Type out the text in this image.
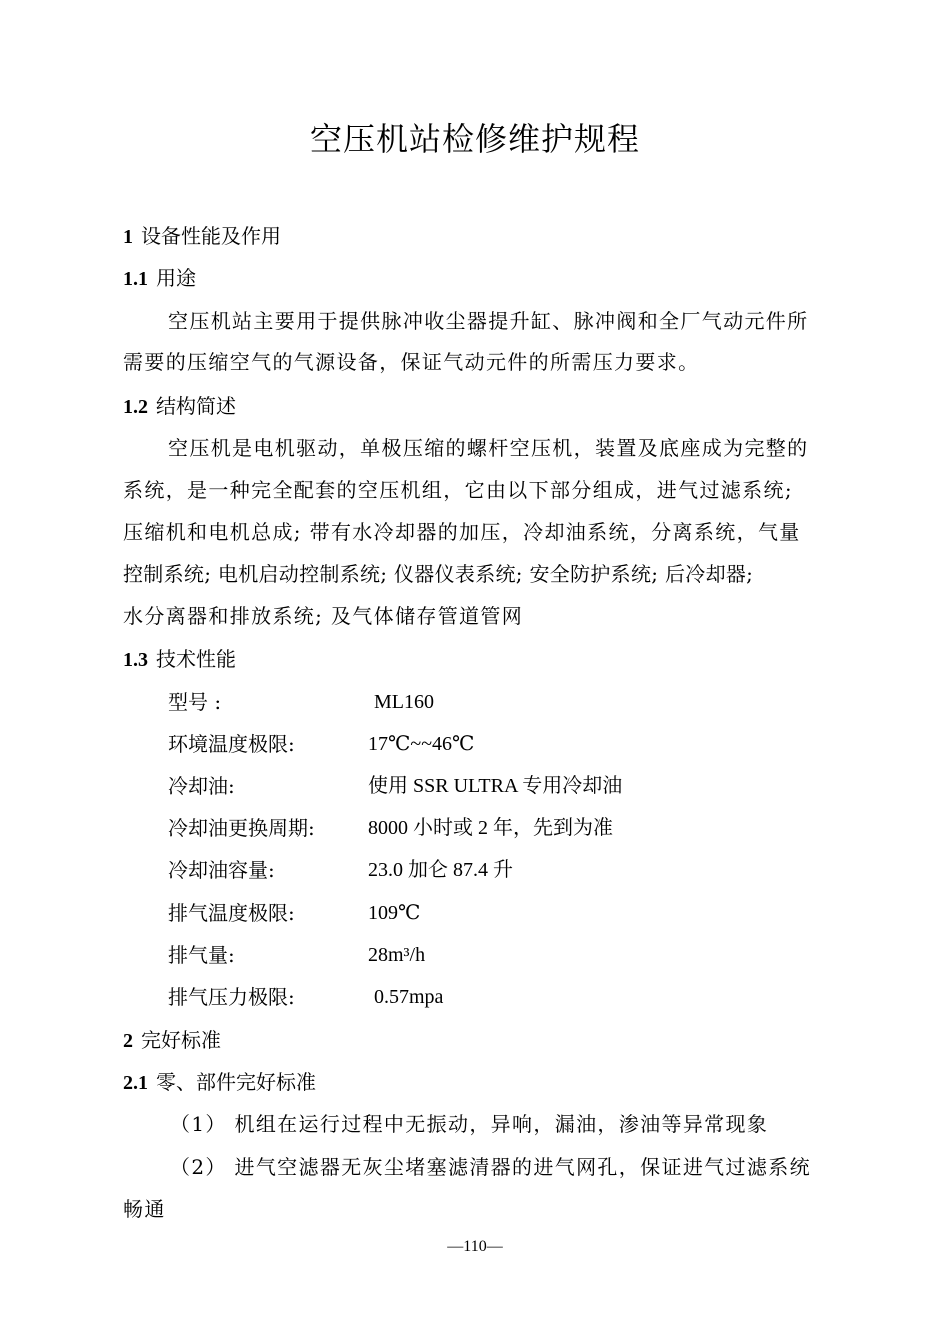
空压机站检修维护规程
1 设备性能及作用
1.1 用途
空压机站主要用于提供脉冲收尘器提升缸、脉冲阀和全厂气动元件所
需要的压缩空气的气源设备，保证气动元件的所需压力要求。
1.2 结构简述
空压机是电机驱动，单极压缩的螺杆空压机，装置及底座成为完整的
系统，是一种完全配套的空压机组，它由以下部分组成，进气过滤系统;
压缩机和电机总成; 带有水冷却器的加压，冷却油系统，分离系统，气量
控制系统; 电机启动控制系统; 仪器仪表系统; 安全防护系统; 后冷却器;
水分离器和排放系统; 及气体储存管道管网
1.3 技术性能
型号 :	ML160
环境温度极限:	17℃~~46℃
冷却油:	使用 SSR ULTRA 专用冷却油
冷却油更换周期:	8000 小时或 2 年，先到为准
冷却油容量:	23.0 加仑 87.4 升
排气温度极限:	109℃
排气量:	28m³/h
排气压力极限:	0.57mpa
2 完好标准
2.1 零、部件完好标准
（1） 机组在运行过程中无振动，异响，漏油，渗油等异常现象
（2） 进气空滤器无灰尘堵塞滤清器的进气网孔，保证进气过滤系统
畅通
—110—
